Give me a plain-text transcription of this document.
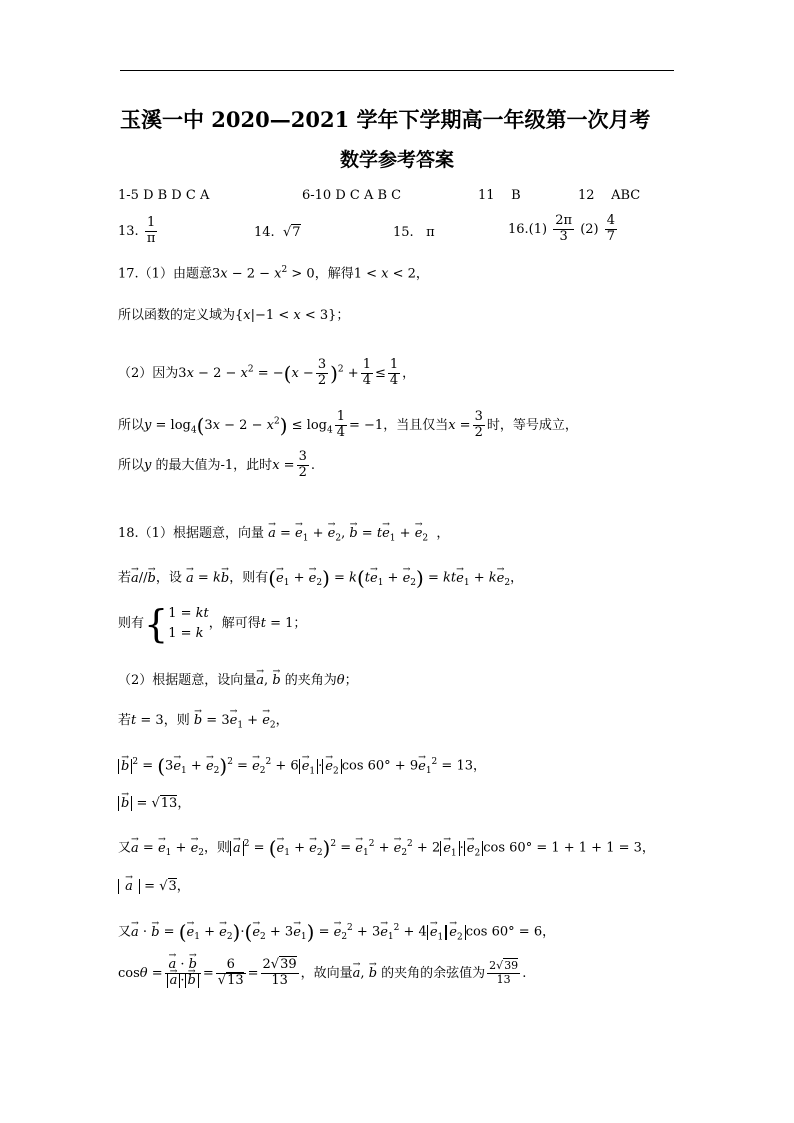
玉溪一中 2020—2021 学年下学期高一年级第一次月考
数学参考答案
1-5 D B D C A	6-10 D C A B C	11 B	12 ABC
13. $\frac{1}{\pi}$	14.  √7	15. π	$16.(1) \frac{2\pi}{3} (2) \frac{4}{7}$
17.（1）由题意$3x - 2 - x^2 > 0$，解得1 < x < 2，
所以函数的定义域为{x|−1 < x < 3}；
（2）因为$3x - 2 - x^2 = -(x - \frac{3}{2} )^2 + \frac{1}{4} \le \frac{1}{4}$ ，
所以$y = \log_4(3x - 2 - x^2) \le \log_4 \frac{1}{4} = -1$，当且仅当$x = \frac{3}{2}$ 时，等号成立，
所以y 的最大值为-1，此时$x = \frac{3}{2}$ .
18.（1）根据题意，向量 → a = → $e_1$ + → $e_2$, → $b = t\to e_1$ + → $e_2$  ，
若→ a//→ b，设 → a = k→ b，则有(→ $e_1$ + → $e_2) = k(t\to e_1$ + → $e_2) = kt\to e_1 + k\to e_2$，
则有{1 = kt
1 = k，解可得t = 1；
（2）根据题意，设向量→ a, → b 的夹角为θ；
若t = 3，则 → $b = 3\to e_1$ + → $e_2$，
→ b $^2 = (3\to e_1$ + → $e_2)^2$ = → $e_2^2 + 6 \to e_1$ · → $e_2$ $\cos 60^\circ + 9\to e_1^2 = 13$，
→ b = √13，
又→ a = → $e_1$ + → $e_2$，则 → a $^2$ = (→ $e_1$ + → $e_2)^2$ = → $e_1^2$ + → $e_2^2 + 2 \to e_1$ · → $e_2$ cos 60° = 1 + 1 + 1 = 3，
→ a  = √3，
又→ a · → b = (→ $e_1$ + → $e_2)\cdot(\to e_2 + 3\to e_1)$ = → $e_2^2 + 3\to e_1^2 + 4 \to e_1 \to e_2$ cos 60° = 6，
cosθ = → a · → b
→ a · → $b = \frac{6}{√13} = \frac{2√39}{13}$ ，故向量→ a, → b 的夹角的余弦值为 $\frac{2√39}{13}$ .
